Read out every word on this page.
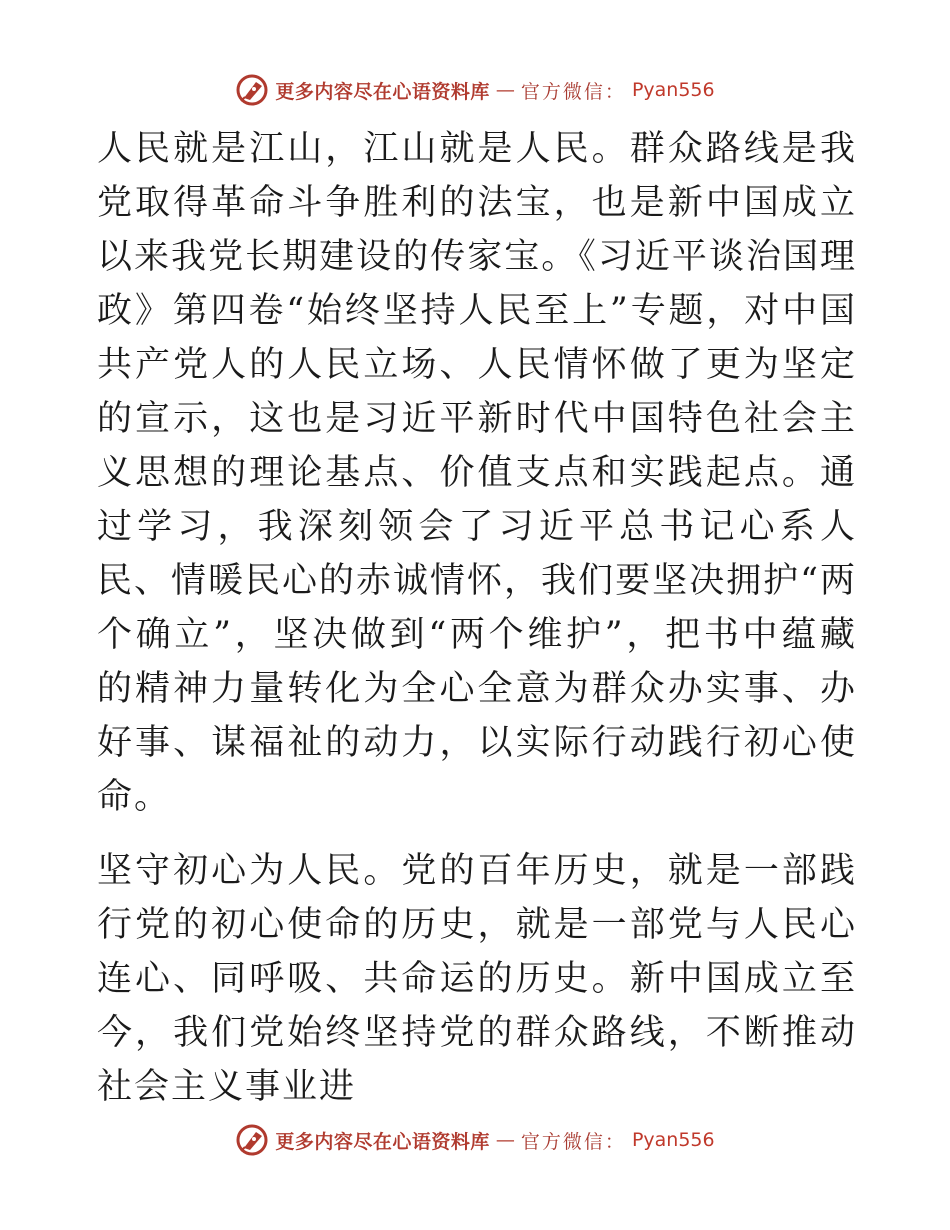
更多内容尽在心语资料库 — 官方微信： Pyan556

人民就是江山，江山就是人民。群众路线是我党取得革命斗争胜利的法宝，也是新中国成立以来我党长期建设的传家宝。《习近平谈治国理政》第四卷“始终坚持人民至上”专题，对中国共产党人的人民立场、人民情怀做了更为坚定的宣示，这也是习近平新时代中国特色社会主义思想的理论基点、价值支点和实践起点。通过学习，我深刻领会了习近平总书记心系人民、情暖民心的赤诚情怀，我们要坚决拥护“两个确立”，坚决做到“两个维护”，把书中蕴藏的精神力量转化为全心全意为群众办实事、办好事、谋福祉的动力，以实际行动践行初心使命。

坚守初心为人民。党的百年历史，就是一部践行党的初心使命的历史，就是一部党与人民心连心、同呼吸、共命运的历史。新中国成立至今，我们党始终坚持党的群众路线，不断推动社会主义事业进

更多内容尽在心语资料库 — 官方微信： Pyan556
